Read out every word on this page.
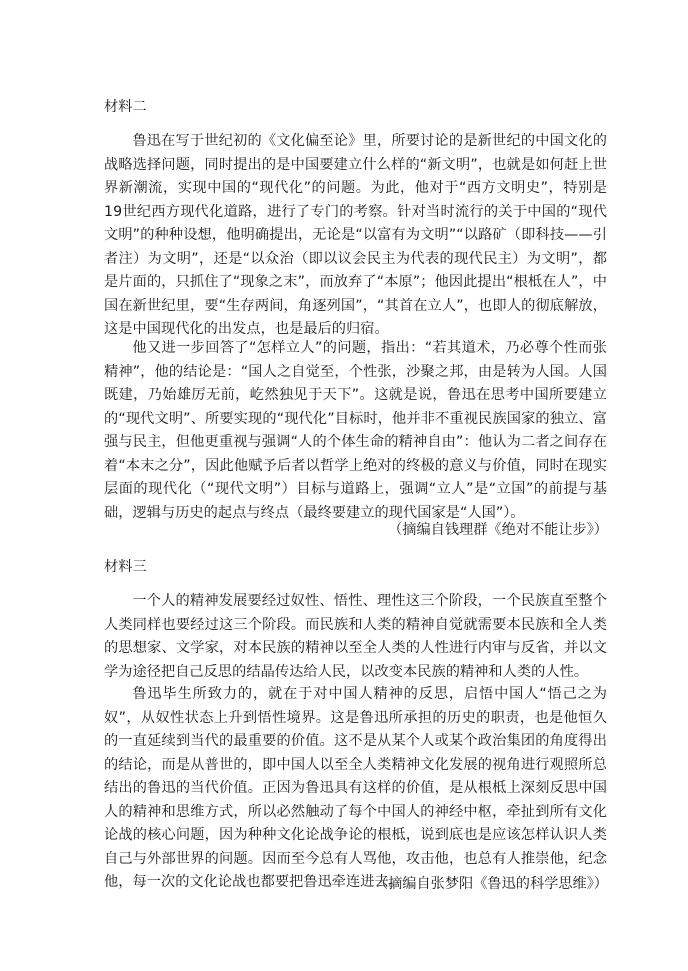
材料二

鲁迅在写于世纪初的《文化偏至论》里，所要讨论的是新世纪的中国文化的战略选择问题，同时提出的是中国要建立什么样的“新文明”，也就是如何赶上世界新潮流，实现中国的“现代化”的问题。为此，他对于“西方文明史”，特别是19世纪西方现代化道路，进行了专门的考察。针对当时流行的关于中国的“现代文明”的种种设想，他明确提出，无论是“以富有为文明”“以路矿（即科技——引者注）为文明”，还是“以众治（即以议会民主为代表的现代民主）为文明”，都是片面的，只抓住了“现象之末”，而放弃了“本原”；他因此提出“根柢在人”，中国在新世纪里，要“生存两间，角逐列国”，“其首在立人”，也即人的彻底解放，这是中国现代化的出发点，也是最后的归宿。

他又进一步回答了“怎样立人”的问题，指出：“若其道术，乃必尊个性而张精神”，他的结论是：“国人之自觉至，个性张，沙聚之邦，由是转为人国。人国既建，乃始雄厉无前，屹然独见于天下”。这就是说，鲁迅在思考中国所要建立的“现代文明”、所要实现的“现代化”目标时，他并非不重视民族国家的独立、富强与民主，但他更重视与强调“人的个体生命的精神自由”：他认为二者之间存在着“本末之分”，因此他赋予后者以哲学上绝对的终极的意义与价值，同时在现实层面的现代化（“现代文明”）目标与道路上，强调“立人”是“立国”的前提与基础，逻辑与历史的起点与终点（最终要建立的现代国家是“人国”）。

（摘编自钱理群《绝对不能让步》）

材料三

一个人的精神发展要经过奴性、悟性、理性这三个阶段，一个民族直至整个人类同样也要经过这三个阶段。而民族和人类的精神自觉就需要本民族和全人类的思想家、文学家，对本民族的精神以至全人类的人性进行内审与反省，并以文学为途径把自己反思的结晶传达给人民，以改变本民族的精神和人类的人性。

鲁迅毕生所致力的，就在于对中国人精神的反思，启悟中国人“悟己之为奴”，从奴性状态上升到悟性境界。这是鲁迅所承担的历史的职责，也是他恒久的一直延续到当代的最重要的价值。这不是从某个人或某个政治集团的角度得出的结论，而是从普世的，即中国人以至全人类精神文化发展的视角进行观照所总结出的鲁迅的当代价值。正因为鲁迅具有这样的价值，是从根柢上深刻反思中国人的精神和思维方式，所以必然触动了每个中国人的神经中枢，牵扯到所有文化论战的核心问题，因为种种文化论战争论的根柢，说到底也是应该怎样认识人类自己与外部世界的问题。因而至今总有人骂他，攻击他，也总有人推崇他，纪念他，每一次的文化论战也都要把鲁迅牵连进去。

（摘编自张梦阳《鲁迅的科学思维》）
